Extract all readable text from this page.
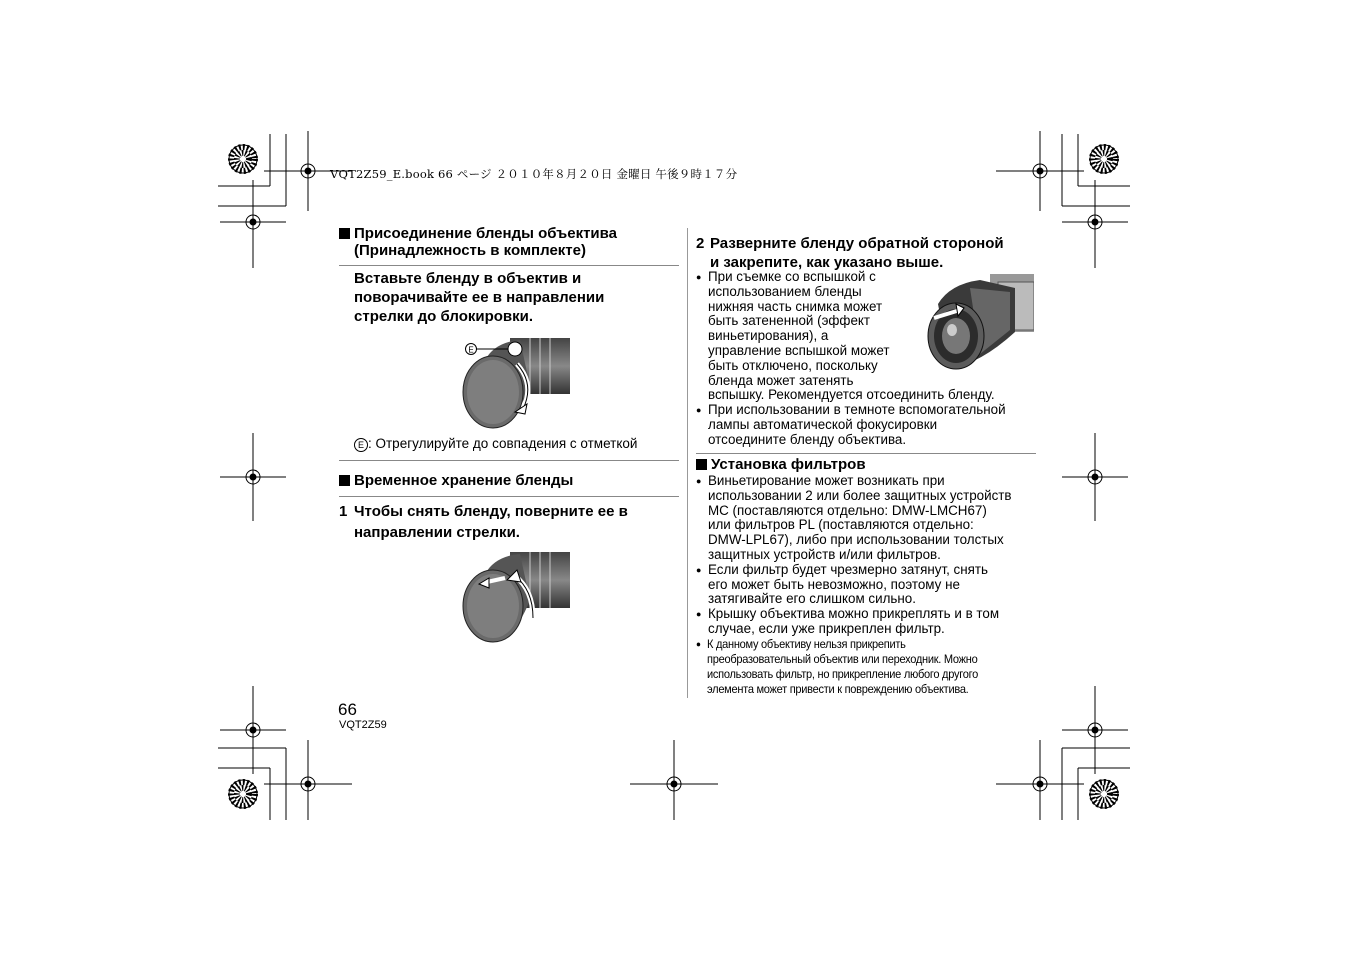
VQT2Z59_E.book 66 ページ ２０１０年８月２０日 金曜日 午後９時１７分
Присоединение бленды объектива
(Принадлежность в комплекте)
Вставьте бленду в объектив и
поворачивайте ее в направлении
стрелки до блокировки.
E
E : Отрегулируйте до совпадения с отметкой
Временное хранение бленды
1 Чтобы снять бленду, поверните ее в
направлении стрелки.
66
VQT2Z59
2 Разверните бленду обратной стороной
и закрепите, как указано выше.
● При съемке со вспышкой с
использованием бленды
нижняя часть снимка может
быть затененной (эффект
виньетирования), а
управление вспышкой может
быть отключено, поскольку
бленда может затенять
вспышку. Рекомендуется отсоединить бленду.
● При использовании в темноте вспомогательной
лампы автоматической фокусировки
отсоедините бленду объектива.
Установка фильтров
● Виньетирование может возникать при
использовании 2 или более защитных устройств
MC (поставляются отдельно: DMW-LMCH67)
или фильтров PL (поставляются отдельно:
DMW-LPL67), либо при использовании толстых
защитных устройств и/или фильтров.
● Если фильтр будет чрезмерно затянут, снять
его может быть невозможно, поэтому не
затягивайте его слишком сильно.
● Крышку объектива можно прикреплять и в том
случае, если уже прикреплен фильтр.
● К данному объективу нельзя прикрепить
преобразовательный объектив или переходник. Можно
использовать фильтр, но прикрепление любого другого
элемента может привести к повреждению объектива.
